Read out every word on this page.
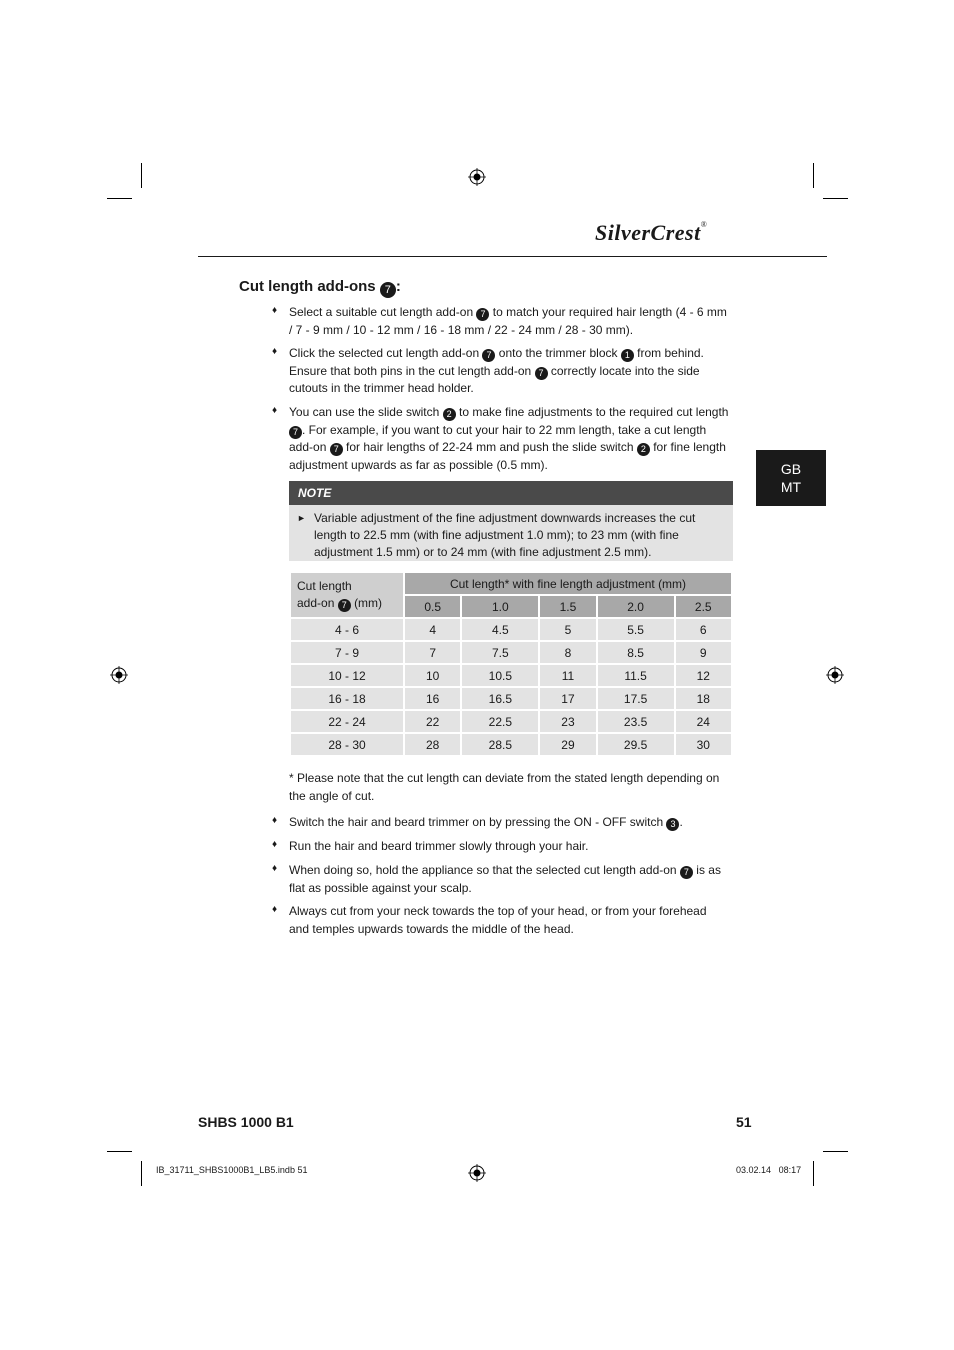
SilverCrest®
Cut length add-ons 7 :
♦ Select a suitable cut length add-on 7 to match your required hair length (4 - 6 mm / 7 - 9 mm / 10 - 12 mm / 16 - 18 mm / 22 - 24 mm / 28 - 30 mm).
♦ Click the selected cut length add-on 7 onto the trimmer block 1 from behind. Ensure that both pins in the cut length add-on 7 correctly locate into the side cutouts in the trimmer head holder.
♦ You can use the slide switch 2 to make fine adjustments to the required cut length 7 . For example, if you want to cut your hair to 22 mm length, take a cut length add-on 7 for hair lengths of 22-24 mm and push the slide switch 2 for fine length adjustment upwards as far as possible (0.5 mm).	GB
MT
NOTE
► Variable adjustment of the fine adjustment downwards increases the cut length to 22.5 mm (with fine adjustment 1.0 mm); to 23 mm (with fine adjustment 1.5 mm) or to 24 mm (with fine adjustment 2.5 mm).
Cut length
add-on 7 (mm)	Cut length* with fine length adjustment (mm)				
	0.5	1.0	1.5	2.0	2.5
4 - 6	4	4.5	5	5.5	6
7 - 9	7	7.5	8	8.5	9
10 - 12	10	10.5	11	11.5	12
16 - 18	16	16.5	17	17.5	18
22 - 24	22	22.5	23	23.5	24
28 - 30	28	28.5	29	29.5	30
* Please note that the cut length can deviate from the stated length depending on the angle of cut.
♦ Switch the hair and beard trimmer on by pressing the ON - OFF switch 3 .
♦ Run the hair and beard trimmer slowly through your hair.
♦ When doing so, hold the appliance so that the selected cut length add-on 7 is as flat as possible against your scalp.
♦ Always cut from your neck towards the top of your head, or from your forehead and temples upwards towards the middle of the head.
SHBS 1000 B1	51
IB_31711_SHBS1000B1_LB5.indb 51	03.02.14 08:17
